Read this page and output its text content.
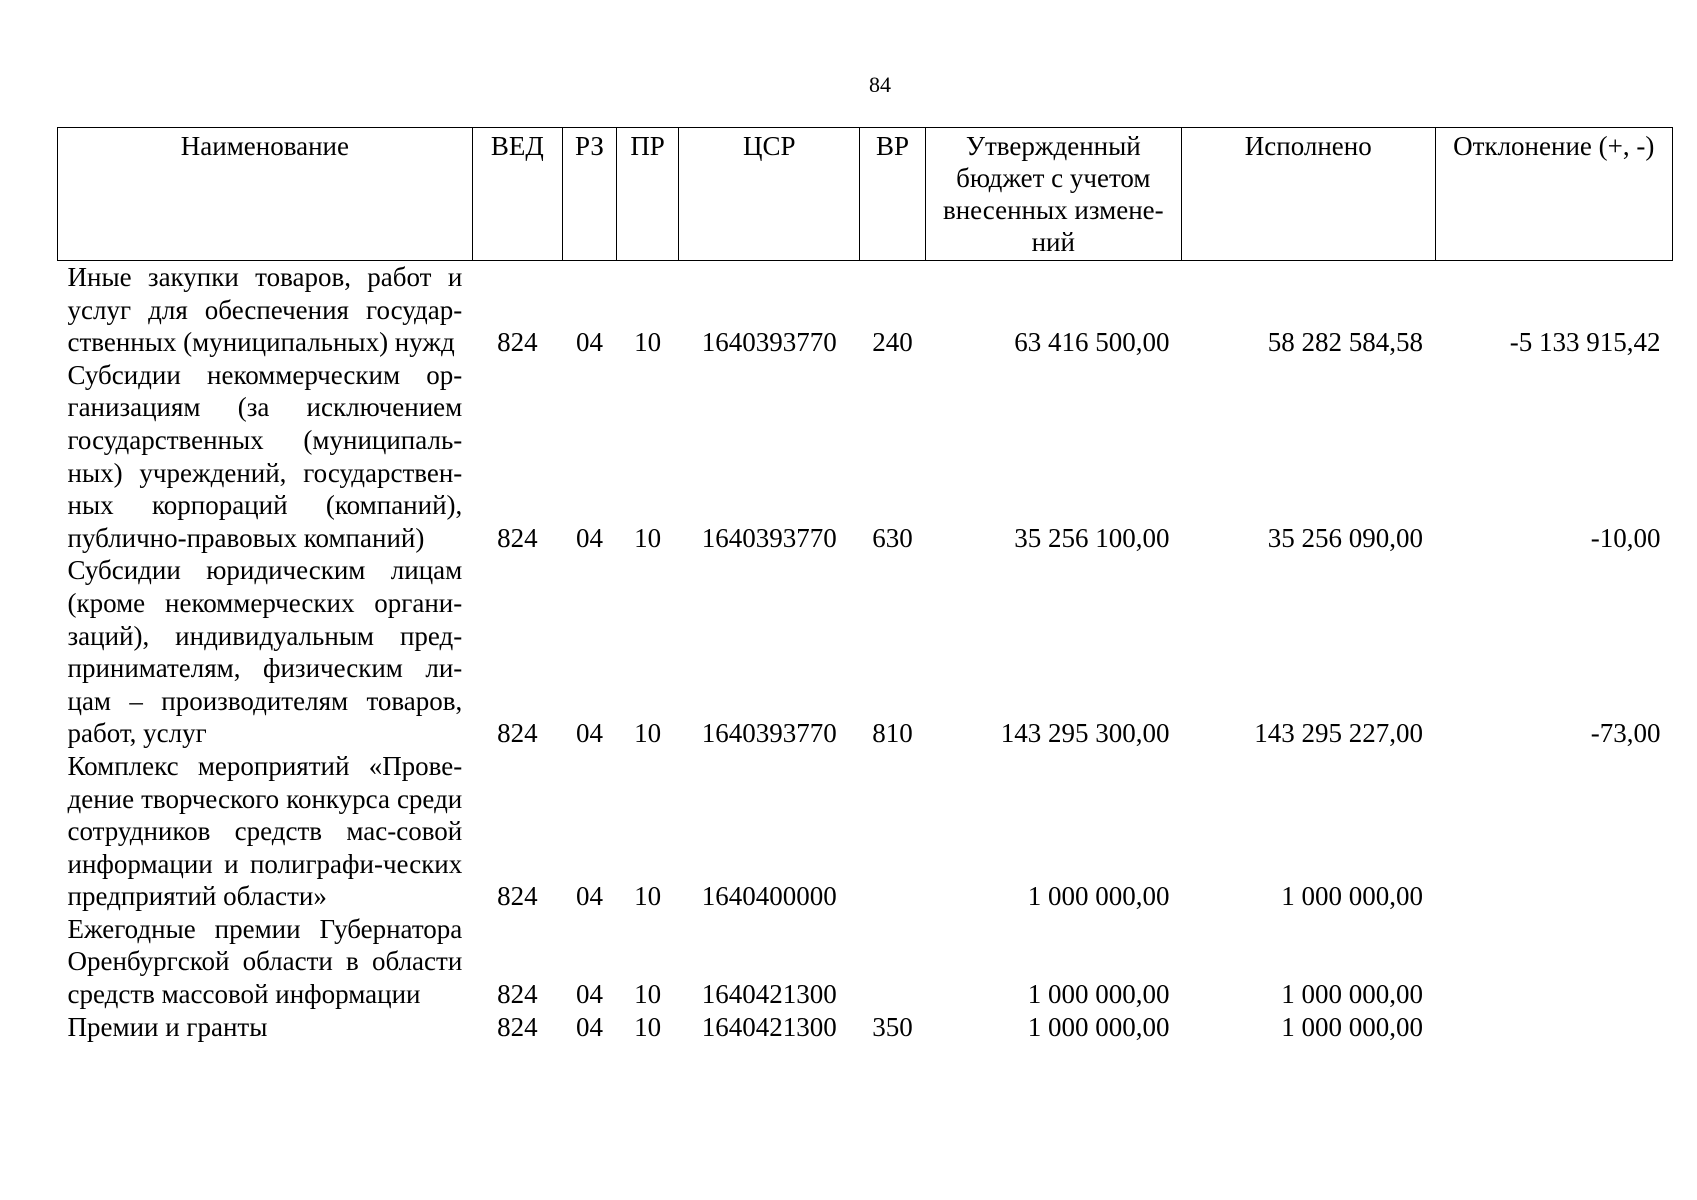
84
Наименование	ВЕД	РЗ	ПР	ЦСР	ВР	Утвержденный бюджет с учетом внесенных измене-ний	Исполнено	Отклонение (+, -)
Иные закупки товаров, работ и услуг для обеспечения государ-ственных (муниципальных) нужд	824	04	10	1640393770	240	63 416 500,00	58 282 584,58	-5 133 915,42
Субсидии некоммерческим ор-ганизациям (за исключением государственных (муниципаль-ных) учреждений, государствен-ных корпораций (компаний), публично-правовых компаний)	824	04	10	1640393770	630	35 256 100,00	35 256 090,00	-10,00
Субсидии юридическим лицам (кроме некоммерческих органи-заций), индивидуальным пред-принимателям, физическим ли-цам – производителям товаров, работ, услуг	824	04	10	1640393770	810	143 295 300,00	143 295 227,00	-73,00
Комплекс мероприятий «Прове-дение творческого конкурса среди сотрудников средств мас-совой информации и полиграфи-ческих предприятий области»	824	04	10	1640400000		1 000 000,00	1 000 000,00	
Ежегодные премии Губернатора Оренбургской области в области средств массовой информации	824	04	10	1640421300		1 000 000,00	1 000 000,00	
Премии и гранты	824	04	10	1640421300	350	1 000 000,00	1 000 000,00	
